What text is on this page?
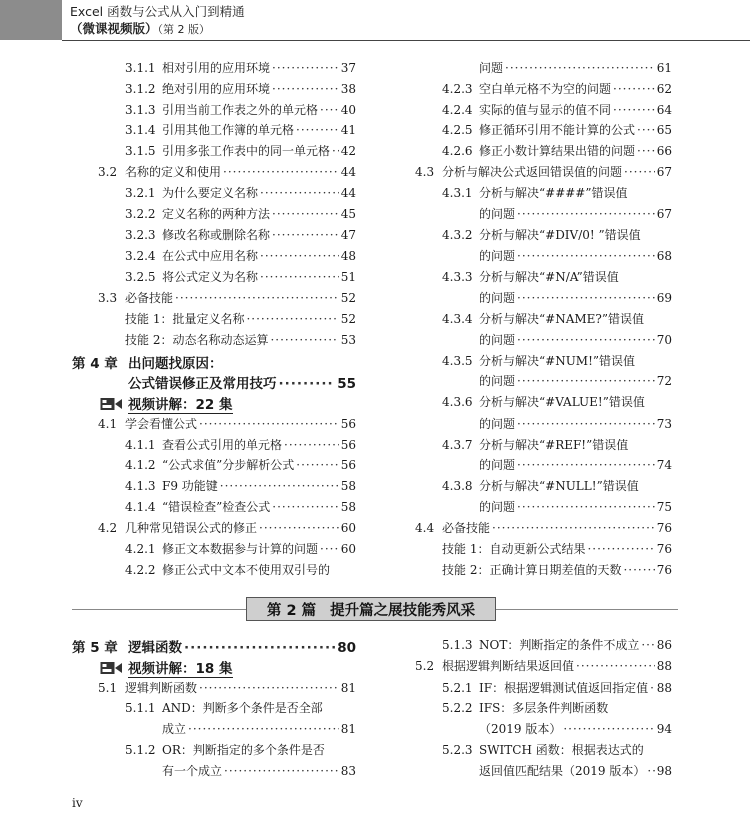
Excel 函数与公式从入门到精通
（微课视频版）（第 2 版）
3.1.1 相对引用的应用环境 ·····	37
3.1.2 绝对引用的应用环境 ·····	38
3.1.3 引用当前工作表之外的单元格 ····· 40
3.1.4 引用其他工作簿的单元格 ·····	41
3.1.5 引用多张工作表中的同一单元格 ····· 42
3.2 名称的定义和使用 ·····	44
3.2.1 为什么要定义名称 ·····	44
3.2.2 定义名称的两种方法 ·····	45
3.2.3 修改名称或删除名称 ·····	47
3.2.4 在公式中应用名称 ·····	48
3.2.5 将公式定义为名称 ·····	51
3.3 必备技能 ·····	52
技能 1：批量定义名称 ·····	52
技能 2：动态名称动态运算 ·····	53
第 4 章 出问题找原因：
公式错误修正及常用技巧 ·····	55
视频讲解：22 集
4.1 学会看懂公式 ·····	56
4.1.1 查看公式引用的单元格 ·····	56
4.1.2 “公式求值”分步解析公式 ·····	56
4.1.3 F9 功能键 ·····	58
4.1.4 “错误检查”检查公式 ·····	58
4.2 几种常见错误公式的修正 ·····	60
4.2.1 修正文本数据参与计算的问题 ····· 60
4.2.2 修正公式中文本不使用双引号的
问题 ·····	61
4.2.3 空白单元格不为空的问题 ·····	62
4.2.4 实际的值与显示的值不同 ·····	64
4.2.5 修正循环引用不能计算的公式 ····· 65
4.2.6 修正小数计算结果出错的问题 ····· 66
4.3 分析与解决公式返回错误值的问题 ·····	67
4.3.1 分析与解决“####”错误值
的问题 ·····	67
4.3.2 分析与解决“#DIV/0! ”错误值
的问题 ·····	68
4.3.3 分析与解决“#N/A”错误值
的问题 ·····	69
4.3.4 分析与解决“#NAME?”错误值
的问题 ·····	70
4.3.5 分析与解决“#NUM!”错误值
的问题 ·····	72
4.3.6 分析与解决“#VALUE!”错误值
的问题 ·····	73
4.3.7 分析与解决“#REF!”错误值
的问题 ·····	74
4.3.8 分析与解决“#NULL!”错误值
的问题 ·····	75
4.4 必备技能 ·····	76
技能 1：自动更新公式结果 ·····	76
技能 2：正确计算日期差值的天数 ·····	76
第 5 章 逻辑函数 ·····	80
视频讲解：18 集
5.1 逻辑判断函数 ·····	81
5.1.1 AND：判断多个条件是否全部
成立 ·····	81
5.1.2 OR：判断指定的多个条件是否
有一个成立 ·····	83
5.1.3 NOT：判断指定的条件不成立 ····· 86
5.2 根据逻辑判断结果返回值 ·····	88
5.2.1 IF：根据逻辑测试值返回指定值 ····· 88
5.2.2 IFS：多层条件判断函数
（2019 版本） ·····	94
5.2.3 SWITCH 函数：根据表达式的
返回值匹配结果（2019 版本） ····· 98
第 2 篇 提升篇之展技能秀风采
iv
